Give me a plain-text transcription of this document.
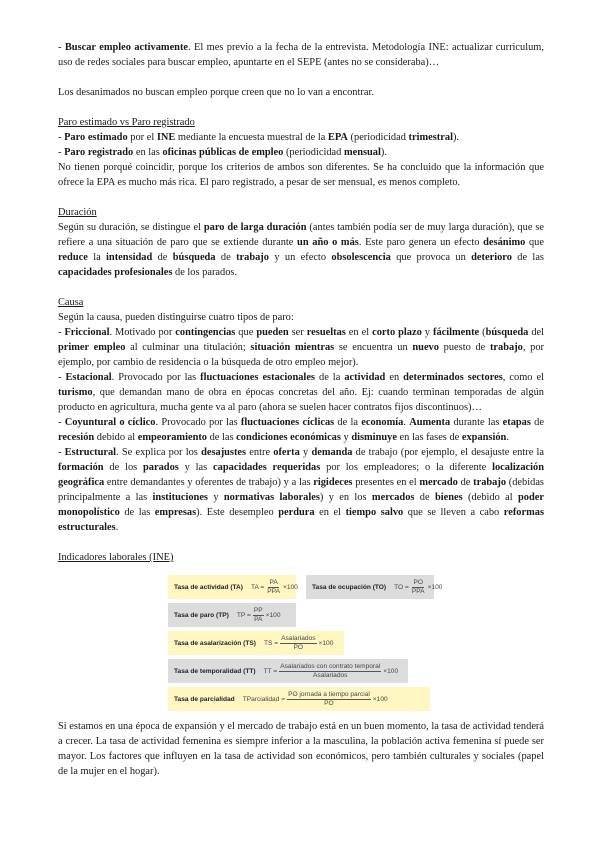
- Buscar empleo activamente. El mes previo a la fecha de la entrevista. Metodología INE: actualizar curriculum, uso de redes sociales para buscar empleo, apuntarte en el SEPE (antes no se consideraba)…

Los desanimados no buscan empleo porque creen que no lo van a encontrar.

Paro estimado vs Paro registrado

- Paro estimado por el INE mediante la encuesta muestral de la EPA (periodicidad trimestral).

- Paro registrado en las oficinas públicas de empleo (periodicidad mensual).

No tienen porqué coincidir, porque los criterios de ambos son diferentes. Se ha concluido que la información que ofrece la EPA es mucho más rica. El paro registrado, a pesar de ser mensual, es menos completo.

Duración

Según su duración, se distingue el paro de larga duración (antes también podía ser de muy larga duración), que se refiere a una situación de paro que se extiende durante un año o más. Este paro genera un efecto desánimo que reduce la intensidad de búsqueda de trabajo y un efecto obsolescencia que provoca un deterioro de las capacidades profesionales de los parados.

Causa

Según la causa, pueden distinguirse cuatro tipos de paro:

- Friccional. Motivado por contingencias que pueden ser resueltas en el corto plazo y fácilmente (búsqueda del primer empleo al culminar una titulación; situación mientras se encuentra un nuevo puesto de trabajo, por ejemplo, por cambio de residencia o la búsqueda de otro empleo mejor).

- Estacional. Provocado por las fluctuaciones estacionales de la actividad en determinados sectores, como el turismo, que demandan mano de obra en épocas concretas del año. Ej: cuando terminan temporadas de algún producto en agricultura, mucha gente va al paro (ahora se suelen hacer contratos fijos discontinuos)…

- Coyuntural o cíclico. Provocado por las fluctuaciones cíclicas de la economía. Aumenta durante las etapas de recesión debido al empeoramiento de las condiciones económicas y disminuye en las fases de expansión.

- Estructural. Se explica por los desajustes entre oferta y demanda de trabajo (por ejemplo, el desajuste entre la formación de los parados y las capacidades requeridas por los empleadores; o la diferente localización geográfica entre demandantes y oferentes de trabajo) y a las rigideces presentes en el mercado de trabajo (debidas principalmente a las instituciones y normativas laborales) y en los mercados de bienes (debido al poder monopolístico de las empresas). Este desempleo perdura en el tiempo salvo que se lleven a cabo reformas estructurales.

Indicadores laborales (INE)

Tasa de actividad (TA) TA = $\frac{PA}{\text{PPA}} \times 100$	Tasa de ocupación (TO) TO = $\frac{PO}{\text{PPA}} \times 100$
Tasa de paro (TP) TP = $\frac{PP}{PA} \times 100$
Tasa de asalarización (TS) TS = $\frac{\text{Asalariados}}{PO} \times 100$
Tasa de temporalidad (TT) TT = $\frac{\text{Asalariados con contrato temporal}}{\text{Asalariados}} \times 100$
Tasa de parcialidad TParcialidad = $\frac{\text{PO jornada a tiempo parcial}}{PO} \times 100$

Si estamos en una época de expansión y el mercado de trabajo está en un buen momento, la tasa de actividad tenderá a crecer. La tasa de actividad femenina es siempre inferior a la masculina, la población activa femenina sí puede ser mayor. Los factores que influyen en la tasa de actividad son económicos, pero también culturales y sociales (papel de la mujer en el hogar).
